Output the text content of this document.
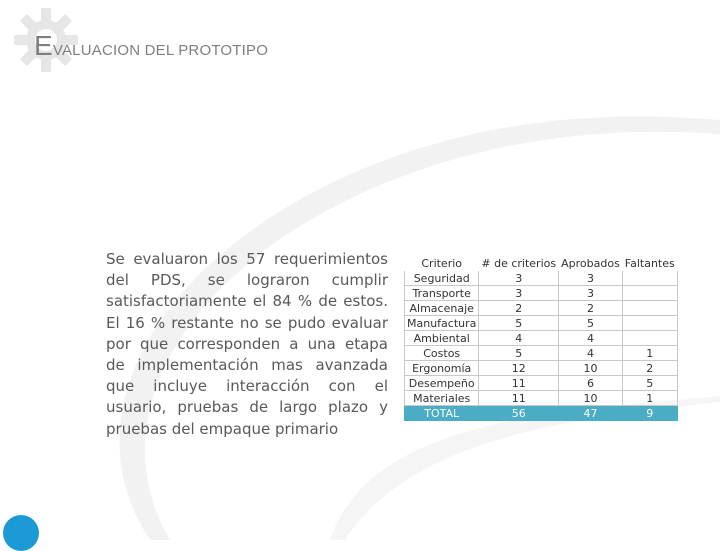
EVALUACION DEL PROTOTIPO
Se evaluaron los 57 requerimientos del PDS, se lograron cumplir satisfactoriamente el 84 % de estos. El 16 % restante no se pudo evaluar por que corresponden a una etapa de implementación mas avanzada que incluye interacción con el usuario, pruebas de largo plazo y pruebas del empaque primario
Criterio	# de criterios	Aprobados	Faltantes
Seguridad	3	3	
Transporte	3	3	
Almacenaje	2	2	
Manufactura	5	5	
Ambiental	4	4	
Costos	5	4	1
Ergonomía	12	10	2
Desempeño	11	6	5
Materiales	11	10	1
TOTAL	56	47	9
